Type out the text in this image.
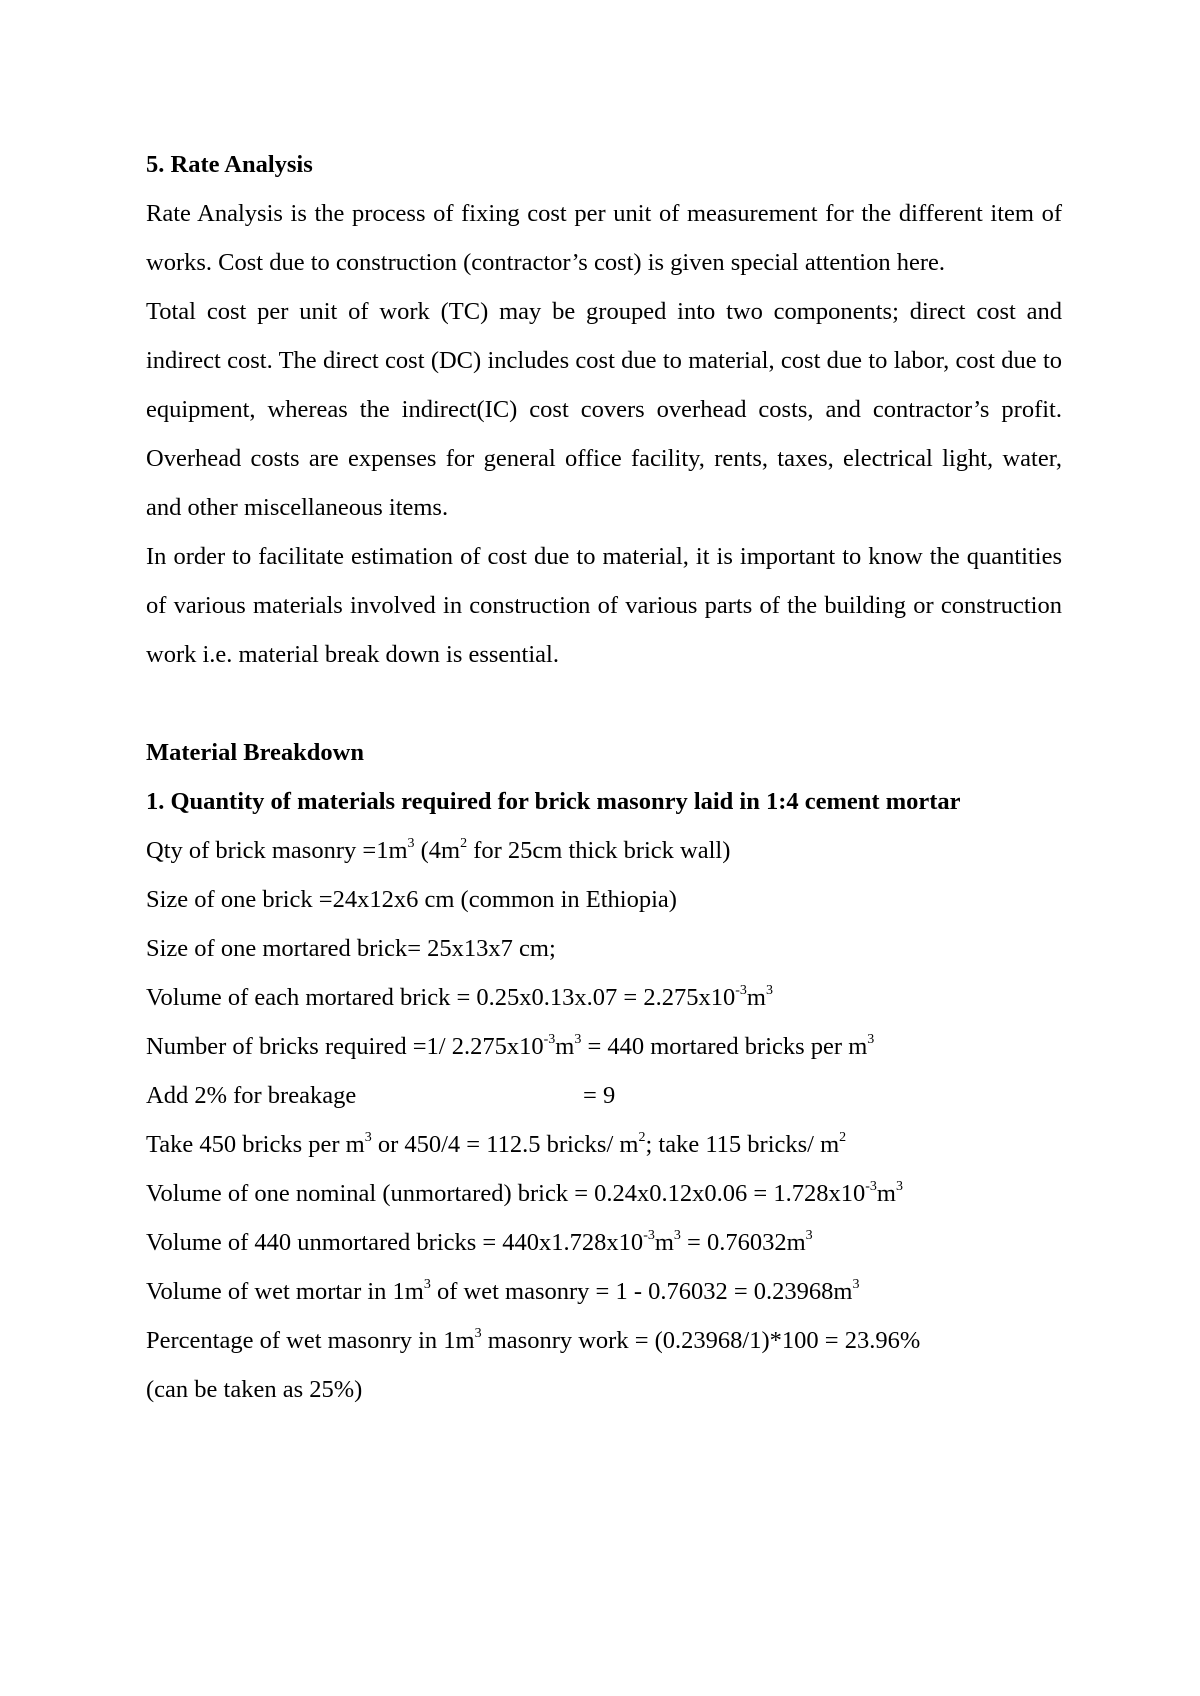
5. Rate Analysis

Rate Analysis is the process of fixing cost per unit of measurement for the different item of works. Cost due to construction (contractor’s cost) is given special attention here.

Total cost per unit of work (TC) may be grouped into two components; direct cost and indirect cost. The direct cost (DC) includes cost due to material, cost due to labor, cost due to equipment, whereas the indirect(IC) cost covers overhead costs, and contractor’s profit. Overhead costs are expenses for general office facility, rents, taxes, electrical light, water, and other miscellaneous items.

In order to facilitate estimation of cost due to material, it is important to know the quantities of various materials involved in construction of various parts of the building or construction work i.e. material break down is essential.

Material Breakdown

1. Quantity of materials required for brick masonry laid in 1:4 cement mortar

Qty of brick masonry $=1m^3$ ($4m^2$ for 25cm thick brick wall)

Size of one brick =24x12x6 cm (common in Ethiopia)

Size of one mortared brick= 25x13x7 cm;

Volume of each mortared brick = $0.25x0.13x.07 = 2.275x10^{-3}m^3$

Number of bricks required =1/ $2.275x10^{-3}m^3 = 440$ mortared bricks per $m^3$

Add 2% for breakage	= 9

Take 450 bricks per $m^3$ or 450/4 = 112.5 bricks/ $m^2$; take 115 bricks/ $m^2$

Volume of one nominal (unmortared) brick = $0.24x0.12x0.06 = 1.728x10^{-3}m^3$

Volume of 440 unmortared bricks = $440x1.728x10^{-3}m^3 = 0.76032m^3$

Volume of wet mortar in $1m^3$ of wet masonry = $1 - 0.76032 = 0.23968m^3$

Percentage of wet masonry in $1m^3$ masonry work = (0.23968/1)*100 = 23.96%

(can be taken as 25%)
